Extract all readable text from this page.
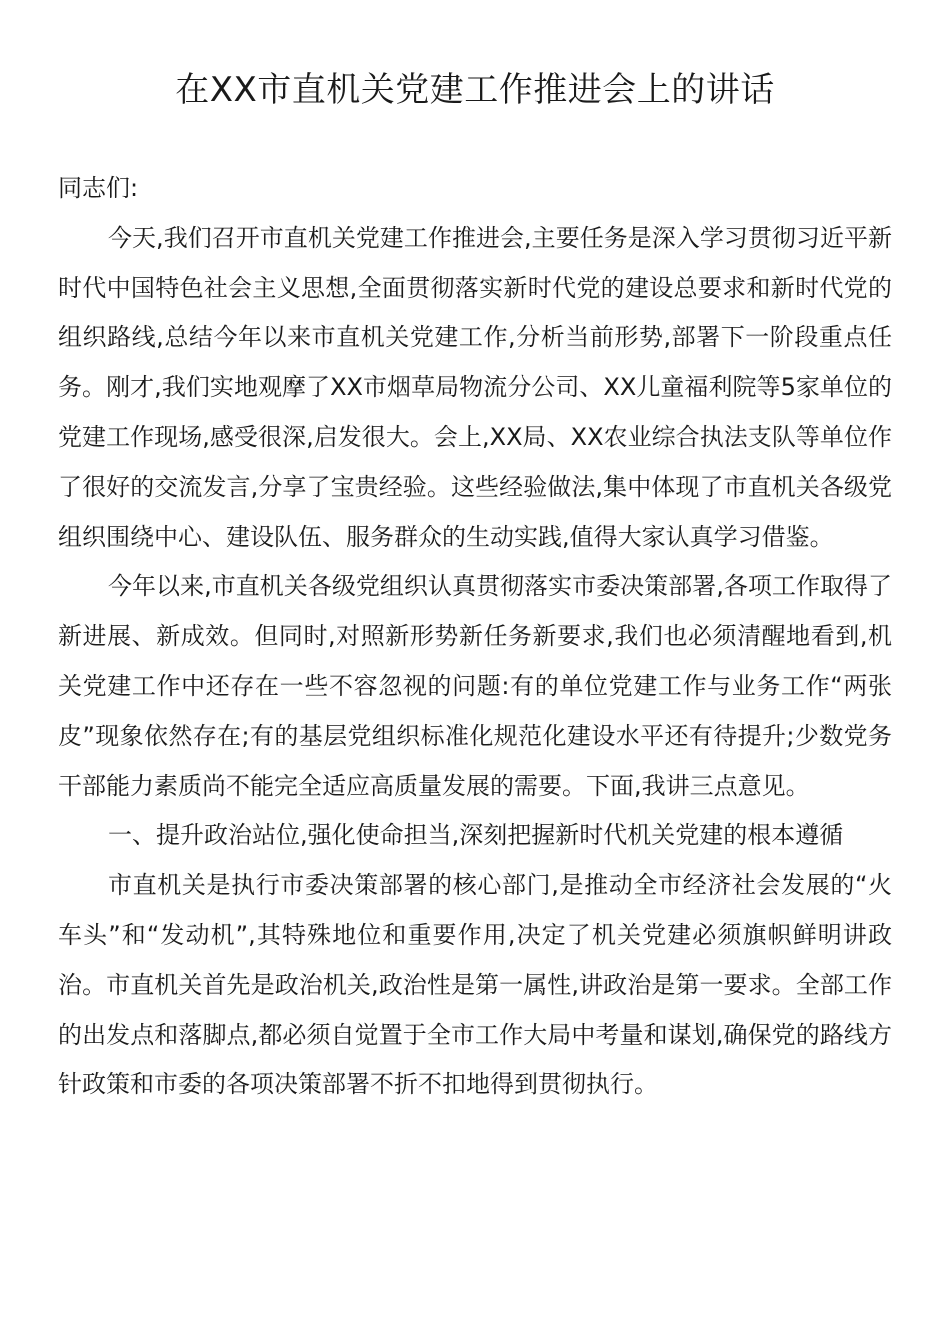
在XX市直机关党建工作推进会上的讲话

同志们:

今天,我们召开市直机关党建工作推进会,主要任务是深入学习贯彻习近平新时代中国特色社会主义思想,全面贯彻落实新时代党的建设总要求和新时代党的组织路线,总结今年以来市直机关党建工作,分析当前形势,部署下一阶段重点任务。刚才,我们实地观摩了XX市烟草局物流分公司、XX儿童福利院等5家单位的党建工作现场,感受很深,启发很大。会上,XX局、XX农业综合执法支队等单位作了很好的交流发言,分享了宝贵经验。这些经验做法,集中体现了市直机关各级党组织围绕中心、建设队伍、服务群众的生动实践,值得大家认真学习借鉴。

今年以来,市直机关各级党组织认真贯彻落实市委决策部署,各项工作取得了新进展、新成效。但同时,对照新形势新任务新要求,我们也必须清醒地看到,机关党建工作中还存在一些不容忽视的问题:有的单位党建工作与业务工作“两张皮”现象依然存在;有的基层党组织标准化规范化建设水平还有待提升;少数党务干部能力素质尚不能完全适应高质量发展的需要。下面,我讲三点意见。

一、提升政治站位,强化使命担当,深刻把握新时代机关党建的根本遵循

市直机关是执行市委决策部署的核心部门,是推动全市经济社会发展的“火车头”和“发动机”,其特殊地位和重要作用,决定了机关党建必须旗帜鲜明讲政治。市直机关首先是政治机关,政治性是第一属性,讲政治是第一要求。全部工作的出发点和落脚点,都必须自觉置于全市工作大局中考量和谋划,确保党的路线方针政策和市委的各项决策部署不折不扣地得到贯彻执行。
